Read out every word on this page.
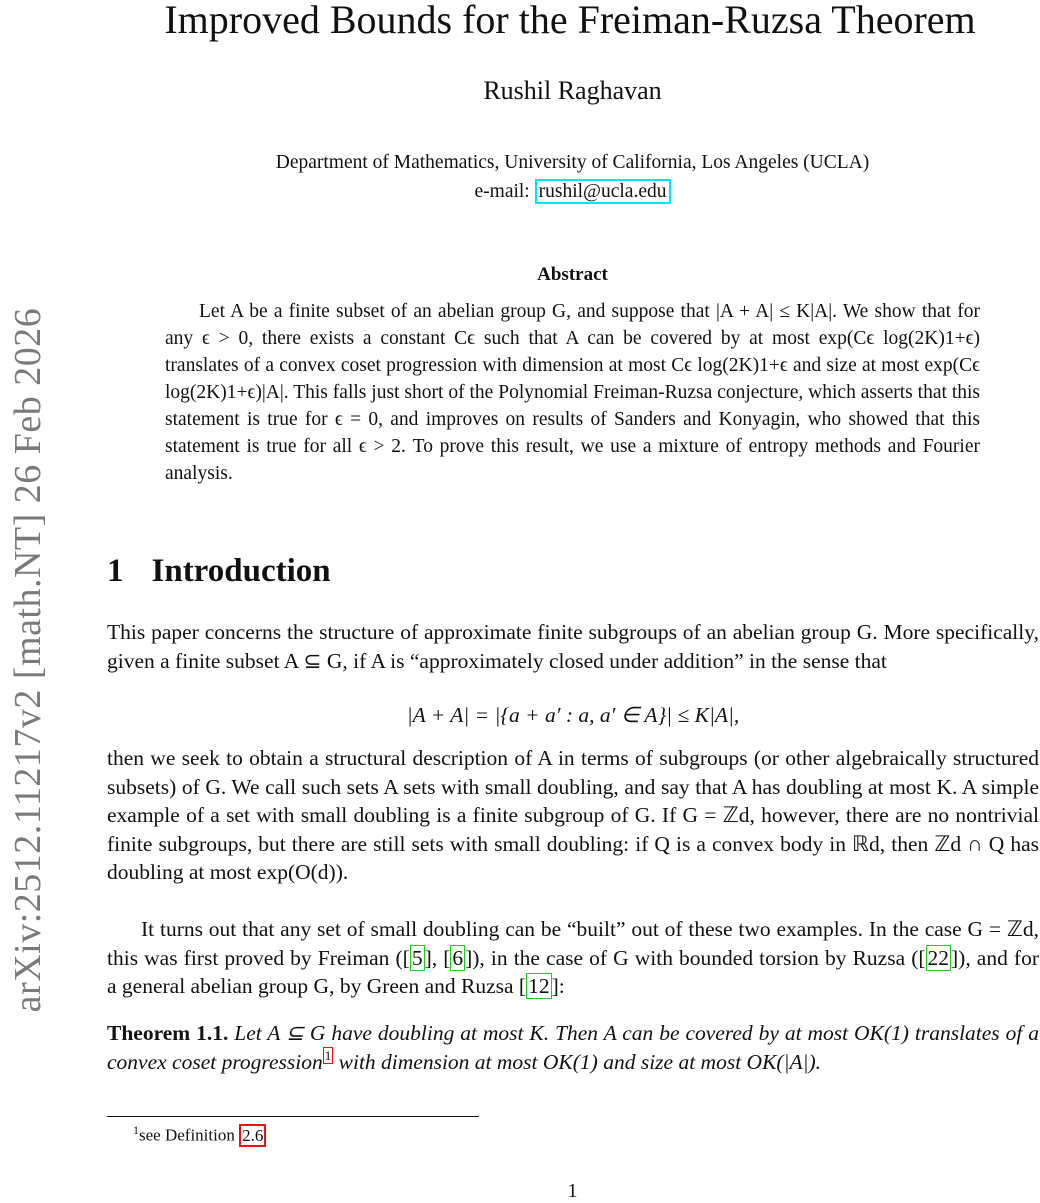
arXiv:2512.11217v2 [math.NT] 26 Feb 2026
Improved Bounds for the Freiman-Ruzsa Theorem
Rushil Raghavan
Department of Mathematics, University of California, Los Angeles (UCLA)
e-mail: rushil@ucla.edu
Abstract
Let A be a finite subset of an abelian group G, and suppose that |A + A| ≤ K|A|. We show that for any ϵ > 0, there exists a constant Cϵ such that A can be covered by at most exp(Cϵ log(2K)1+ϵ) translates of a convex coset progression with dimension at most Cϵ log(2K)1+ϵ and size at most exp(Cϵ log(2K)1+ϵ)|A|. This falls just short of the Polynomial Freiman-Ruzsa conjecture, which asserts that this statement is true for ϵ = 0, and improves on results of Sanders and Konyagin, who showed that this statement is true for all ϵ > 2. To prove this result, we use a mixture of entropy methods and Fourier analysis.
1 Introduction
This paper concerns the structure of approximate finite subgroups of an abelian group G. More specifically, given a finite subset A ⊆ G, if A is “approximately closed under addition” in the sense that
|A + A| = |{a + a′ : a, a′ ∈ A}| ≤ K|A|,
then we seek to obtain a structural description of A in terms of subgroups (or other algebraically structured subsets) of G. We call such sets A sets with small doubling, and say that A has doubling at most K. A simple example of a set with small doubling is a finite subgroup of G. If G = ℤd, however, there are no nontrivial finite subgroups, but there are still sets with small doubling: if Q is a convex body in ℝd, then ℤd ∩ Q has doubling at most exp(O(d)).
It turns out that any set of small doubling can be “built” out of these two examples. In the case G = ℤd, this was first proved by Freiman ([5], [6]), in the case of G with bounded torsion by Ruzsa ([22]), and for a general abelian group G, by Green and Ruzsa [12]:
Theorem 1.1. Let A ⊆ G have doubling at most K. Then A can be covered by at most OK(1) translates of a convex coset progression $^1$ with dimension at most OK(1) and size at most OK(|A|).
$^1$see Definition 2.6
1
